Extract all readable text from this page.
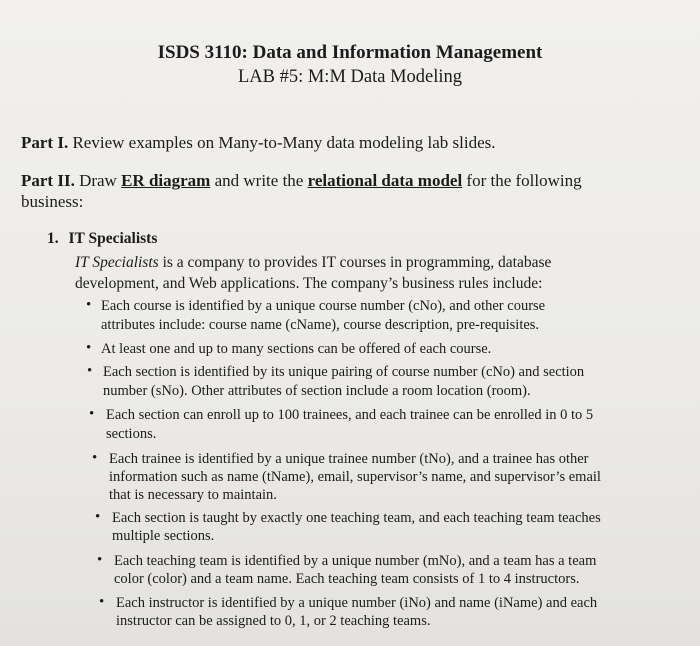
ISDS 3110: Data and Information Management
LAB #5: M:M Data Modeling
Part I. Review examples on Many-to-Many data modeling lab slides.
Part II. Draw ER diagram and write the relational data model for the following
business:
1. IT Specialists
IT Specialists is a company to provides IT courses in programming, database
development, and Web applications. The company’s business rules include:
• Each course is identified by a unique course number (cNo), and other course
attributes include: course name (cName), course description, pre-requisites.
• At least one and up to many sections can be offered of each course.
• Each section is identified by its unique pairing of course number (cNo) and section
number (sNo). Other attributes of section include a room location (room).
• Each section can enroll up to 100 trainees, and each trainee can be enrolled in 0 to 5
sections.
• Each trainee is identified by a unique trainee number (tNo), and a trainee has other
information such as name (tName), email, supervisor’s name, and supervisor’s email
that is necessary to maintain.
• Each section is taught by exactly one teaching team, and each teaching team teaches
multiple sections.
• Each teaching team is identified by a unique number (mNo), and a team has a team
color (color) and a team name. Each teaching team consists of 1 to 4 instructors.
• Each instructor is identified by a unique number (iNo) and name (iName) and each
instructor can be assigned to 0, 1, or 2 teaching teams.
